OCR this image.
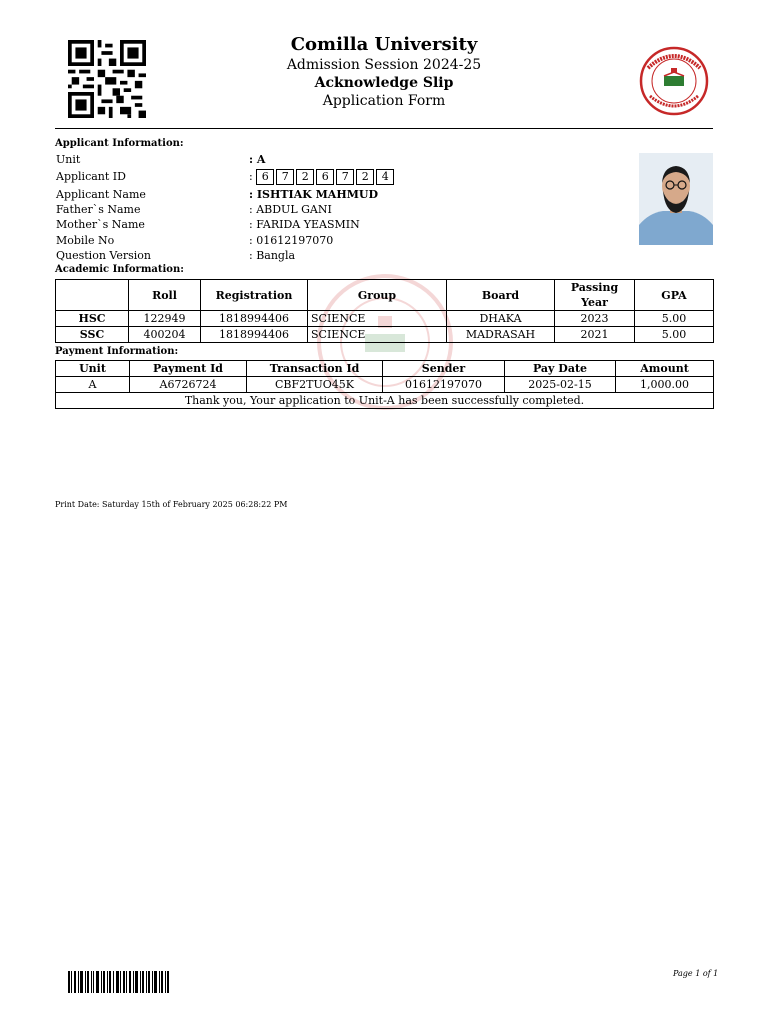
Comilla University
Admission Session 2024-25
Acknowledge Slip
Application Form
Applicant Information:
Unit	: A
Applicant ID	: 6 7 2 6 7 2 4
Applicant Name	: ISHTIAK MAHMUD
Father`s Name	: ABDUL GANI
Mother`s Name	: FARIDA YEASMIN
Mobile No	: 01612197070
Question Version	: Bangla
Academic Information:
	Roll	Registration	Group	Board	Passing Year	GPA
HSC	122949	1818994406	SCIENCE	DHAKA	2023	5.00
SSC	400204	1818994406	SCIENCE	MADRASAH	2021	5.00
Payment Information:
Unit	Payment Id	Transaction Id	Sender	Pay Date	Amount
A	A6726724	CBF2TUO45K	01612197070	2025-02-15	1,000.00
Thank you, Your application to Unit-A has been successfully completed.					
Print Date: Saturday 15th of February 2025 06:28:22 PM
Page 1 of 1
